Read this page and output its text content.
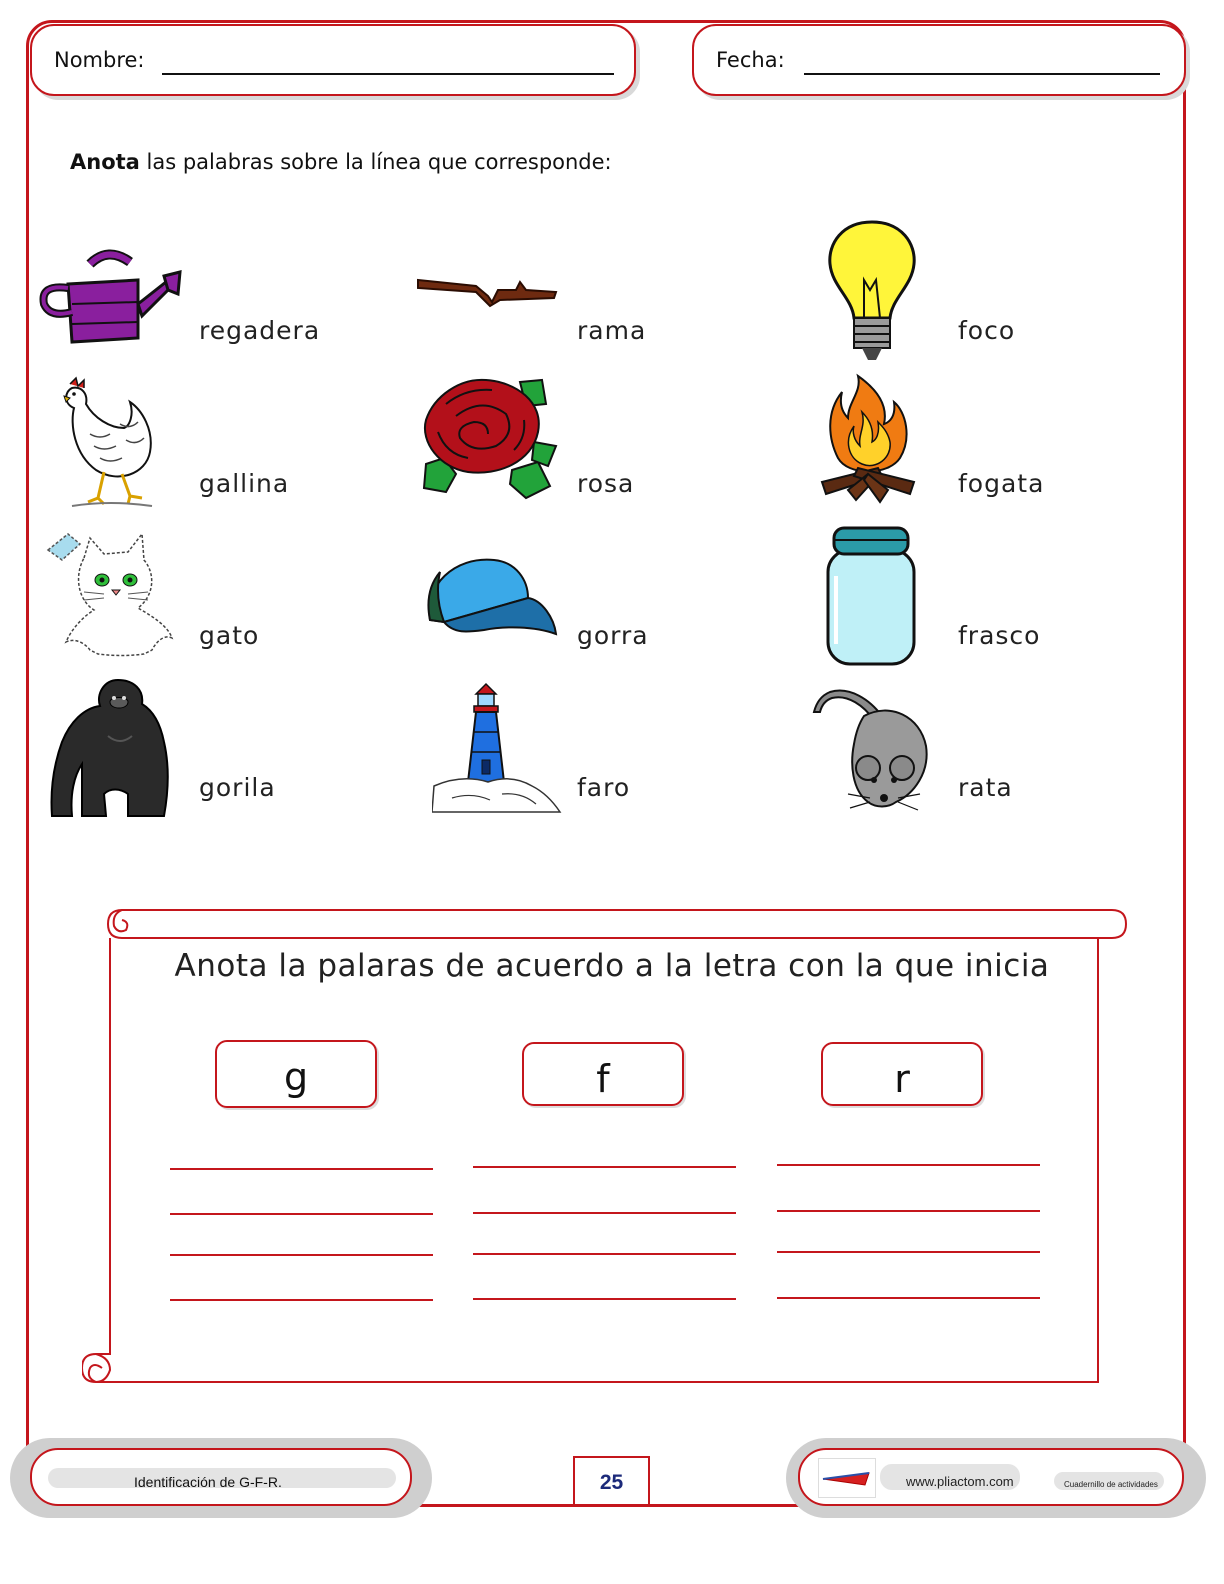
Nombre:	Fecha:
Anota las palabras sobre la línea que corresponde:
regadera
gallina
gato
gorila
rama
rosa
gorra
faro
foco
fogata
frasco
rata
Anota la palaras de acuerdo a la letra con la que inicia
g	f	r
Identificación de G-F-R.	25	www.pliactom.com	Cuadernillo de actividades
